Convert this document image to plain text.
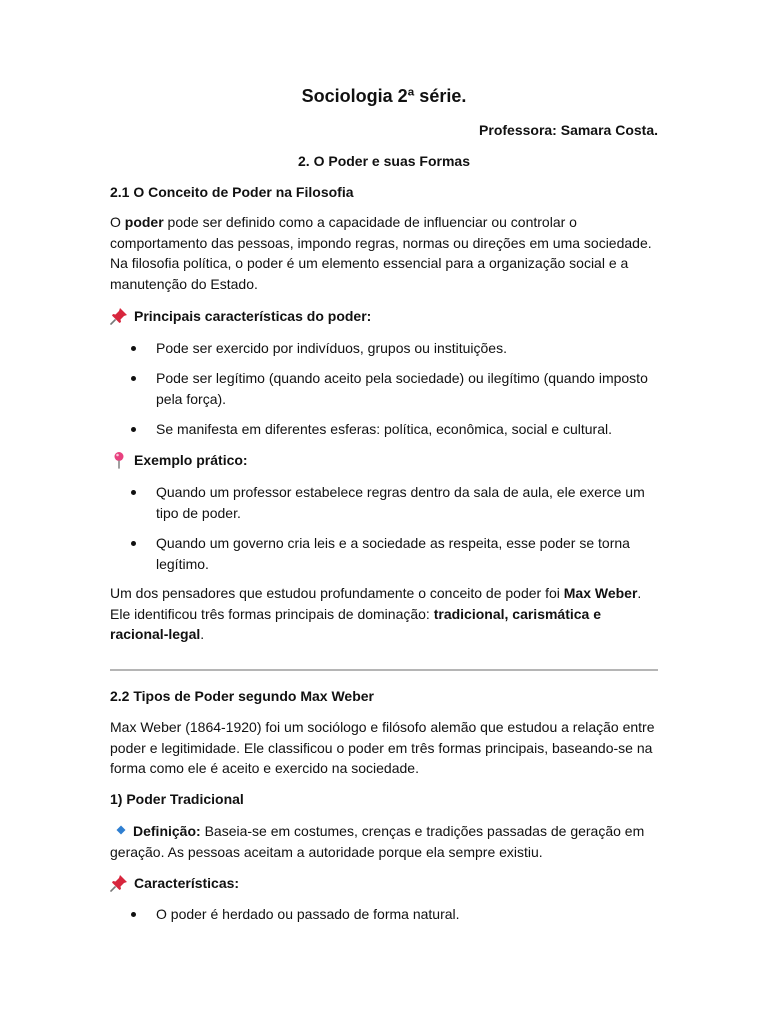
Sociologia 2ª série.
Professora: Samara Costa.
2. O Poder e suas Formas

2.1 O Conceito de Poder na Filosofia

O poder pode ser definido como a capacidade de influenciar ou controlar o comportamento das pessoas, impondo regras, normas ou direções em uma sociedade. Na filosofia política, o poder é um elemento essencial para a organização social e a manutenção do Estado.

Principais características do poder:
Pode ser exercido por indivíduos, grupos ou instituições.
Pode ser legítimo (quando aceito pela sociedade) ou ilegítimo (quando imposto pela força).
Se manifesta em diferentes esferas: política, econômica, social e cultural.
Exemplo prático:
Quando um professor estabelece regras dentro da sala de aula, ele exerce um tipo de poder.
Quando um governo cria leis e a sociedade as respeita, esse poder se torna legítimo.

Um dos pensadores que estudou profundamente o conceito de poder foi Max Weber. Ele identificou três formas principais de dominação: tradicional, carismática e racional-legal.

2.2 Tipos de Poder segundo Max Weber

Max Weber (1864-1920) foi um sociólogo e filósofo alemão que estudou a relação entre poder e legitimidade. Ele classificou o poder em três formas principais, baseando-se na forma como ele é aceito e exercido na sociedade.

1) Poder Tradicional

Definição: Baseia-se em costumes, crenças e tradições passadas de geração em geração. As pessoas aceitam a autoridade porque ela sempre existiu.

Características:
O poder é herdado ou passado de forma natural.
